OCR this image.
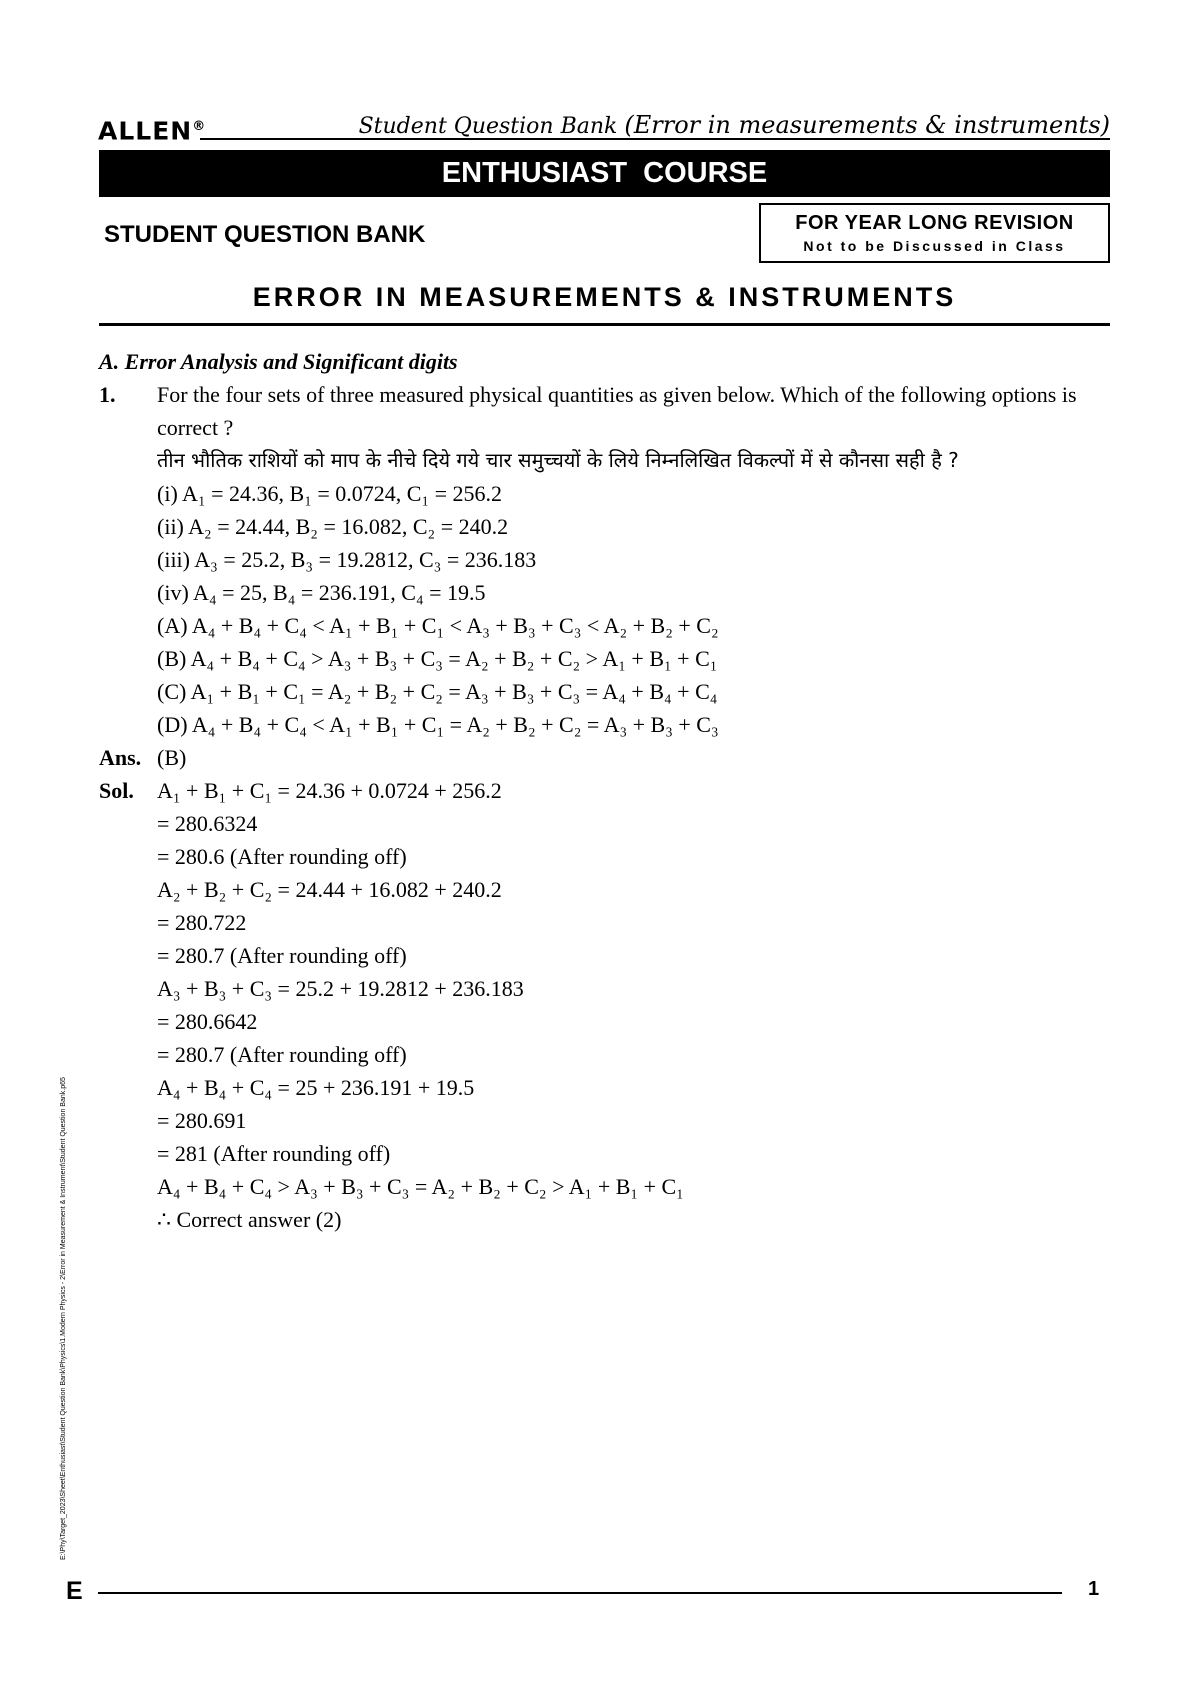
ALLEN®	Student Question Bank (Error in measurements & instruments)
ENTHUSIAST COURSE
STUDENT QUESTION BANK	FOR YEAR LONG REVISION
Not to be Discussed in Class
ERROR IN MEASUREMENTS & INSTRUMENTS
A. Error Analysis and Significant digits
1.	For the four sets of three measured physical quantities as given below. Which of the following options is correct ?
तीन भौतिक राशियों को माप के नीचे दिये गये चार समुच्चयों के लिये निम्नलिखित विकल्पों में से कौनसा सही है ?
(i) A₁ = 24.36, B₁ = 0.0724, C₁ = 256.2
(ii) A₂ = 24.44, B₂ = 16.082, C₂ = 240.2
(iii) A₃ = 25.2, B₃ = 19.2812, C₃ = 236.183
(iv) A₄ = 25, B₄ = 236.191, C₄ = 19.5
(A) A₄ + B₄ + C₄ < A₁ + B₁ + C₁ < A₃ + B₃ + C₃ < A₂ + B₂ + C₂
(B) A₄ + B₄ + C₄ > A₃ + B₃ + C₃ = A₂ + B₂ + C₂ > A₁ + B₁ + C₁
(C) A₁ + B₁ + C₁ = A₂ + B₂ + C₂ = A₃ + B₃ + C₃ = A₄ + B₄ + C₄
(D) A₄ + B₄ + C₄ < A₁ + B₁ + C₁ = A₂ + B₂ + C₂ = A₃ + B₃ + C₃
Ans. (B)
Sol.	A₁ + B₁ + C₁ = 24.36 + 0.0724 + 256.2
= 280.6324
= 280.6 (After rounding off)
A₂ + B₂ + C₂ = 24.44 + 16.082 + 240.2
= 280.722
= 280.7 (After rounding off)
A₃ + B₃ + C₃ = 25.2 + 19.2812 + 236.183
= 280.6642
= 280.7 (After rounding off)
A₄ + B₄ + C₄ = 25 + 236.191 + 19.5
= 280.691
= 281 (After rounding off)
A₄ + B₄ + C₄ > A₃ + B₃ + C₃ = A₂ + B₂ + C₂ > A₁ + B₁ + C₁
∴ Correct answer (2)
E:\Phy\Target_2023\Sheet\Enthusiast\Student Question Bank\Physics\1.Modern Physics - 2\Error in Measurement & Instrument\Student Question Bank.p65
E	1
